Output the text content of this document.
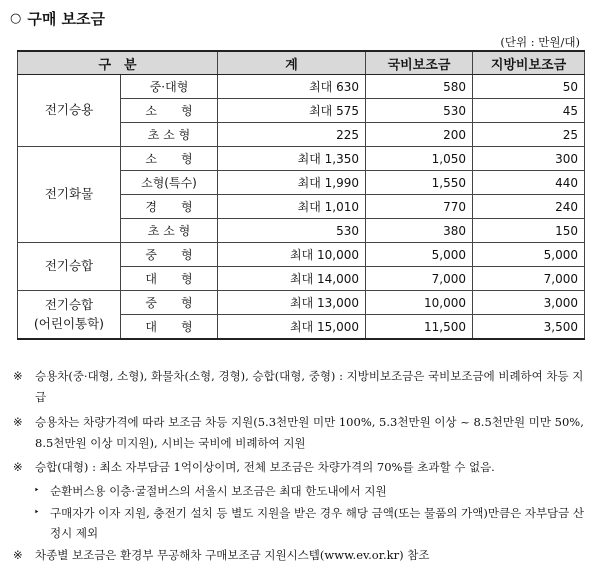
○ 구매 보조금
(단위 : 만원/대)
구　분		계	국비보조금	지방비보조금
전기승용	중·대형	최대 630	580	50
	소　　형	최대 575	530	45
	초 소 형	225	200	25
전기화물	소　　형	최대 1,350	1,050	300
	소형(특수)	최대 1,990	1,550	440
	경　　형	최대 1,010	770	240
	초 소 형	530	380	150
전기승합	중　　형	최대 10,000	5,000	5,000
	대　　형	최대 14,000	7,000	7,000
전기승합
(어린이통학)	중　　형	최대 13,000	10,000	3,000
	대　　형	최대 15,000	11,500	3,500
※	승용차(중·대형, 소형), 화물차(소형, 경형), 승합(대형, 중형) : 지방비보조금은 국비보조금에 비례하여 차등 지급
※	승용차는 차량가격에 따라 보조금 차등 지원(5.3천만원 미만 100%, 5.3천만원 이상 ~ 8.5천만원 미만 50%, 8.5천만원 이상 미지원), 시비는 국비에 비례하여 지원
※	승합(대형) : 최소 자부담금 1억이상이며, 전체 보조금은 차량가격의 70%를 초과할 수 없음.
‣ 순환버스용 이층·굴절버스의 서울시 보조금은 최대 한도내에서 지원
‣ 구매자가 이자 지원, 충전기 설치 등 별도 지원을 받은 경우 해당 금액(또는 물품의 가액)만큼은 자부담금 산정시 제외
※	차종별 보조금은 환경부 무공해차 구매보조금 지원시스템(www.ev.or.kr) 참조
